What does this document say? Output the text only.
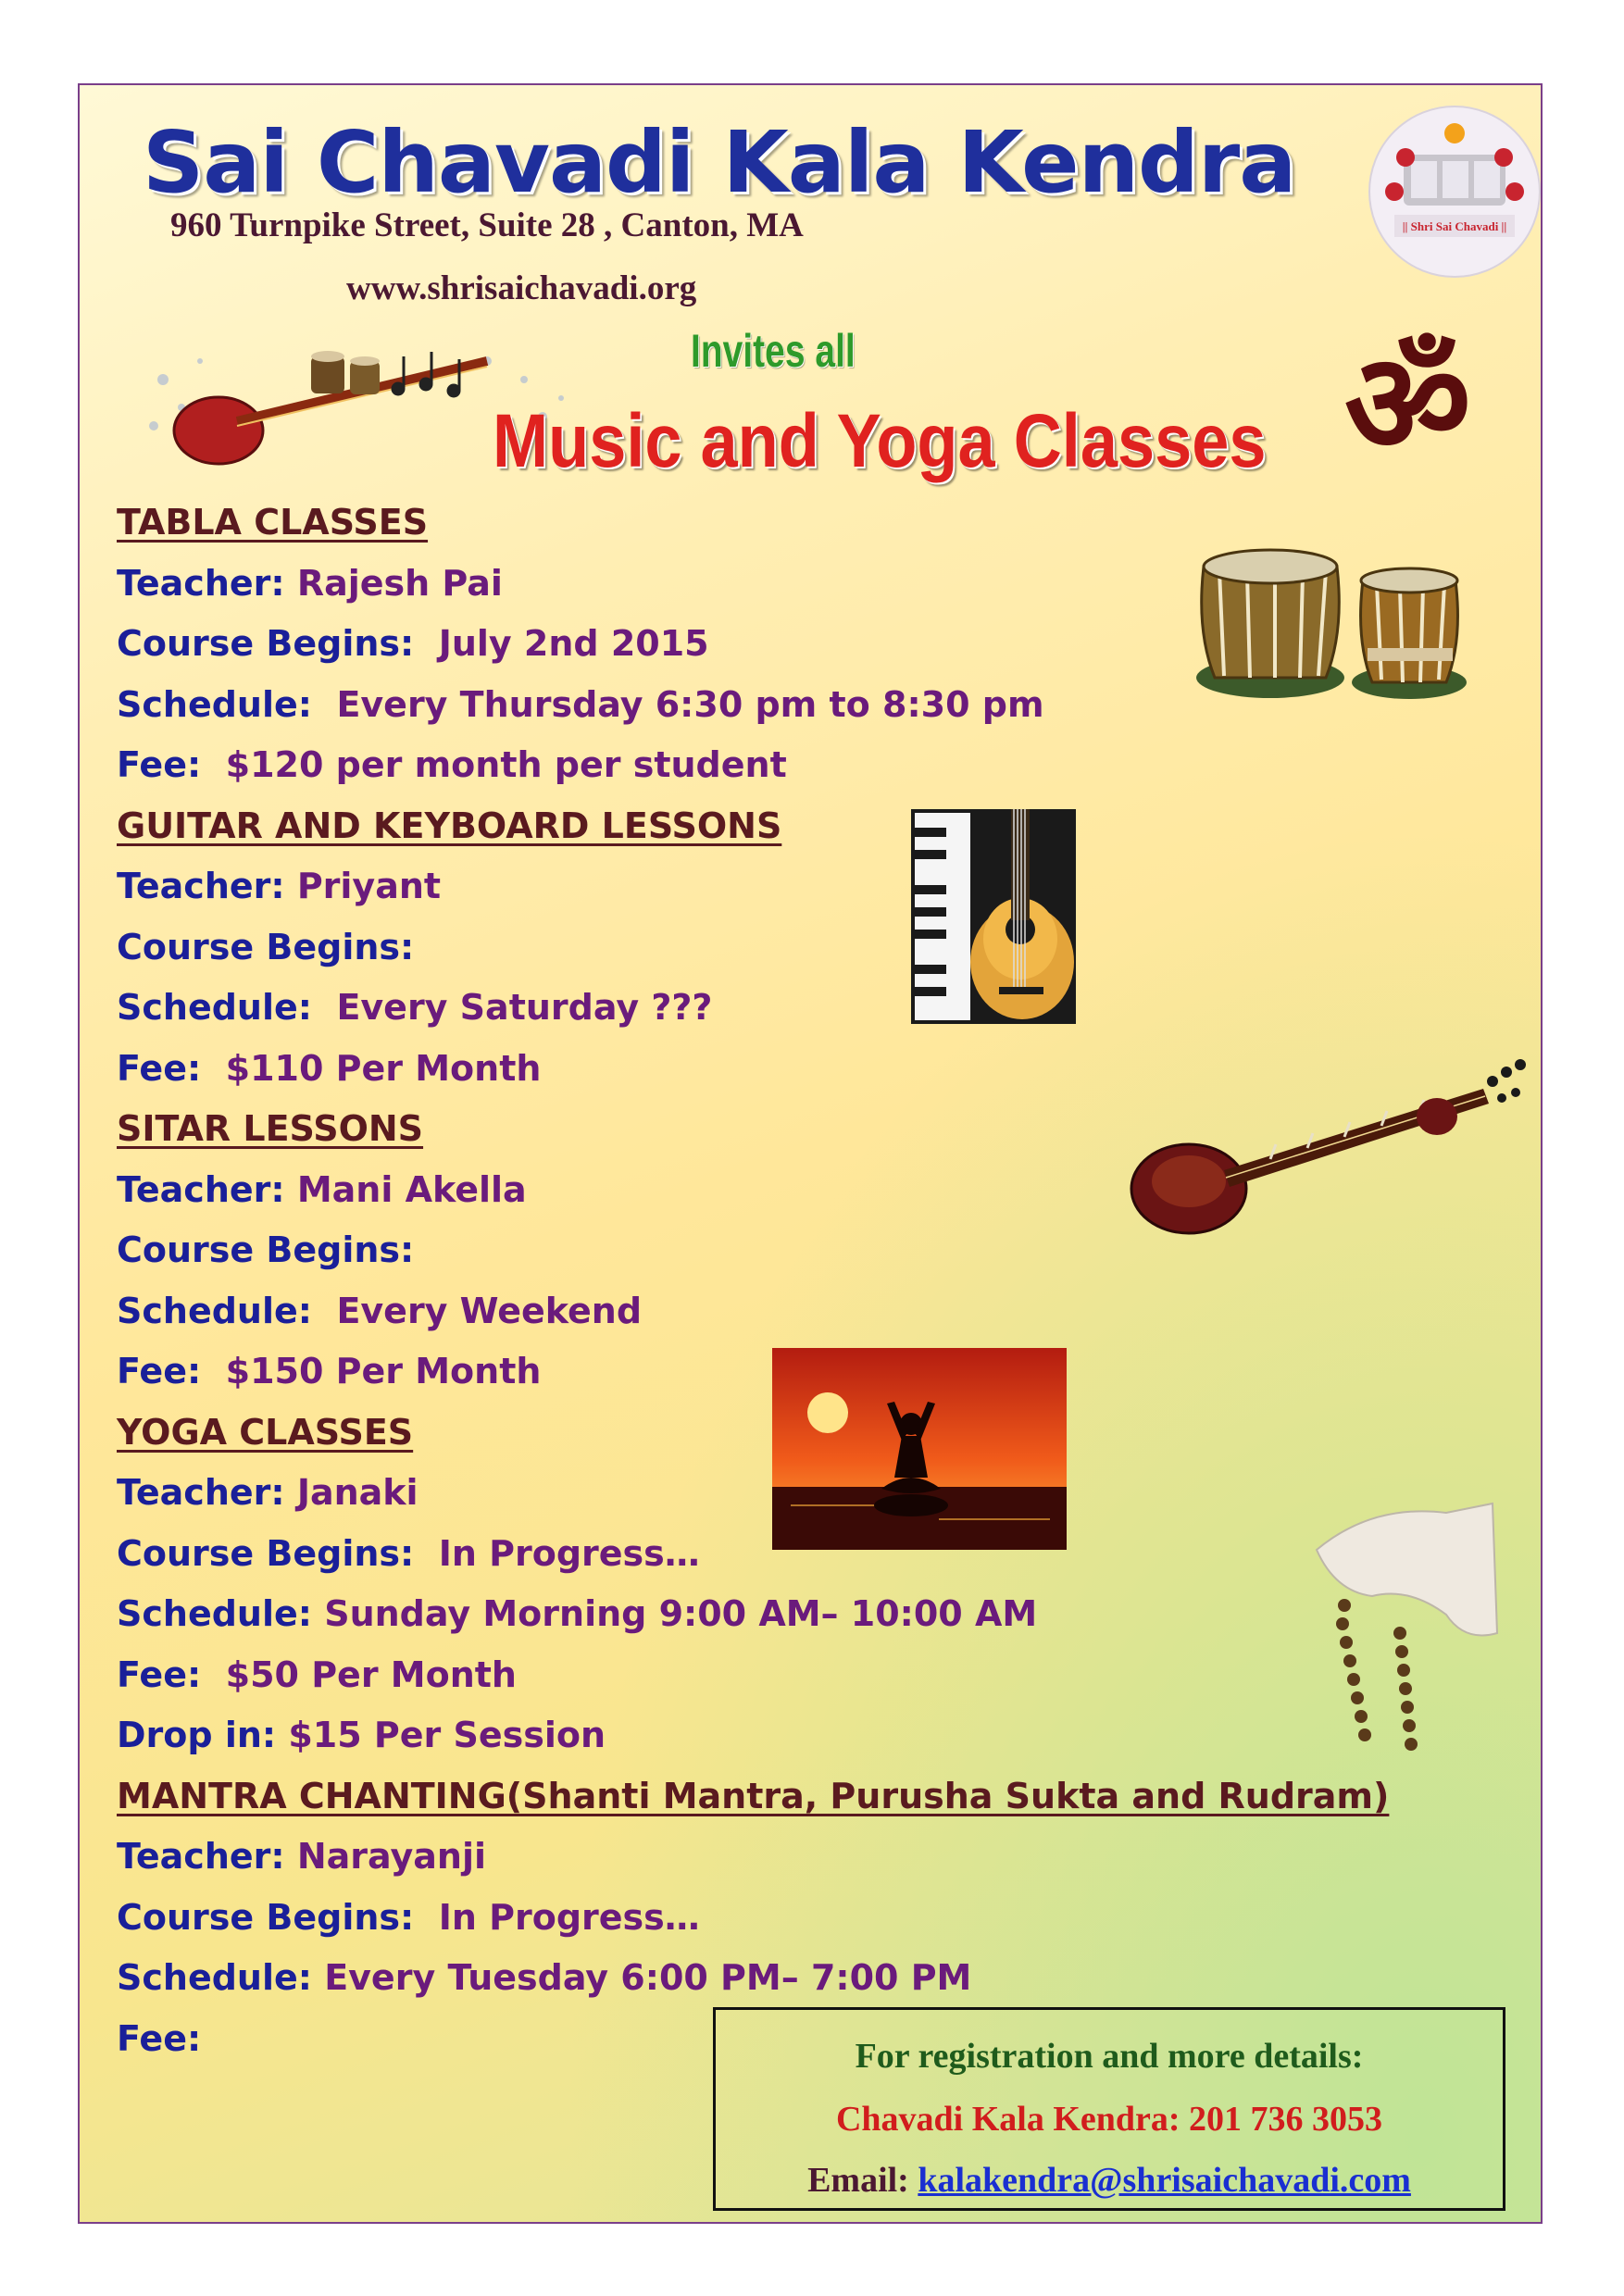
Sai Chavadi Kala Kendra
960 Turnpike Street, Suite 28 , Canton, MA
www.shrisaichavadi.org
|| Shri Sai Chavadi ||
Invites all
Music and Yoga Classes ॐ
TABLA CLASSES
Teacher: Rajesh Pai
Course Begins: July 2nd 2015
Schedule: Every Thursday 6:30 pm to 8:30 pm
Fee: $120 per month per student
GUITAR AND KEYBOARD LESSONS
Teacher: Priyant
Course Begins:
Schedule: Every Saturday ???
Fee: $110 Per Month
SITAR LESSONS
Teacher: Mani Akella
Course Begins:
Schedule: Every Weekend
Fee: $150 Per Month
YOGA CLASSES
Teacher: Janaki
Course Begins: In Progress…
Schedule: Sunday Morning 9:00 AM– 10:00 AM
Fee: $50 Per Month
Drop in: $15 Per Session
MANTRA CHANTING(Shanti Mantra, Purusha Sukta and Rudram)
Teacher: Narayanji
Course Begins: In Progress…
Schedule: Every Tuesday 6:00 PM– 7:00 PM
Fee:	For registration and more details:
Chavadi Kala Kendra: 201 736 3053
Email: kalakendra@shrisaichavadi.com
